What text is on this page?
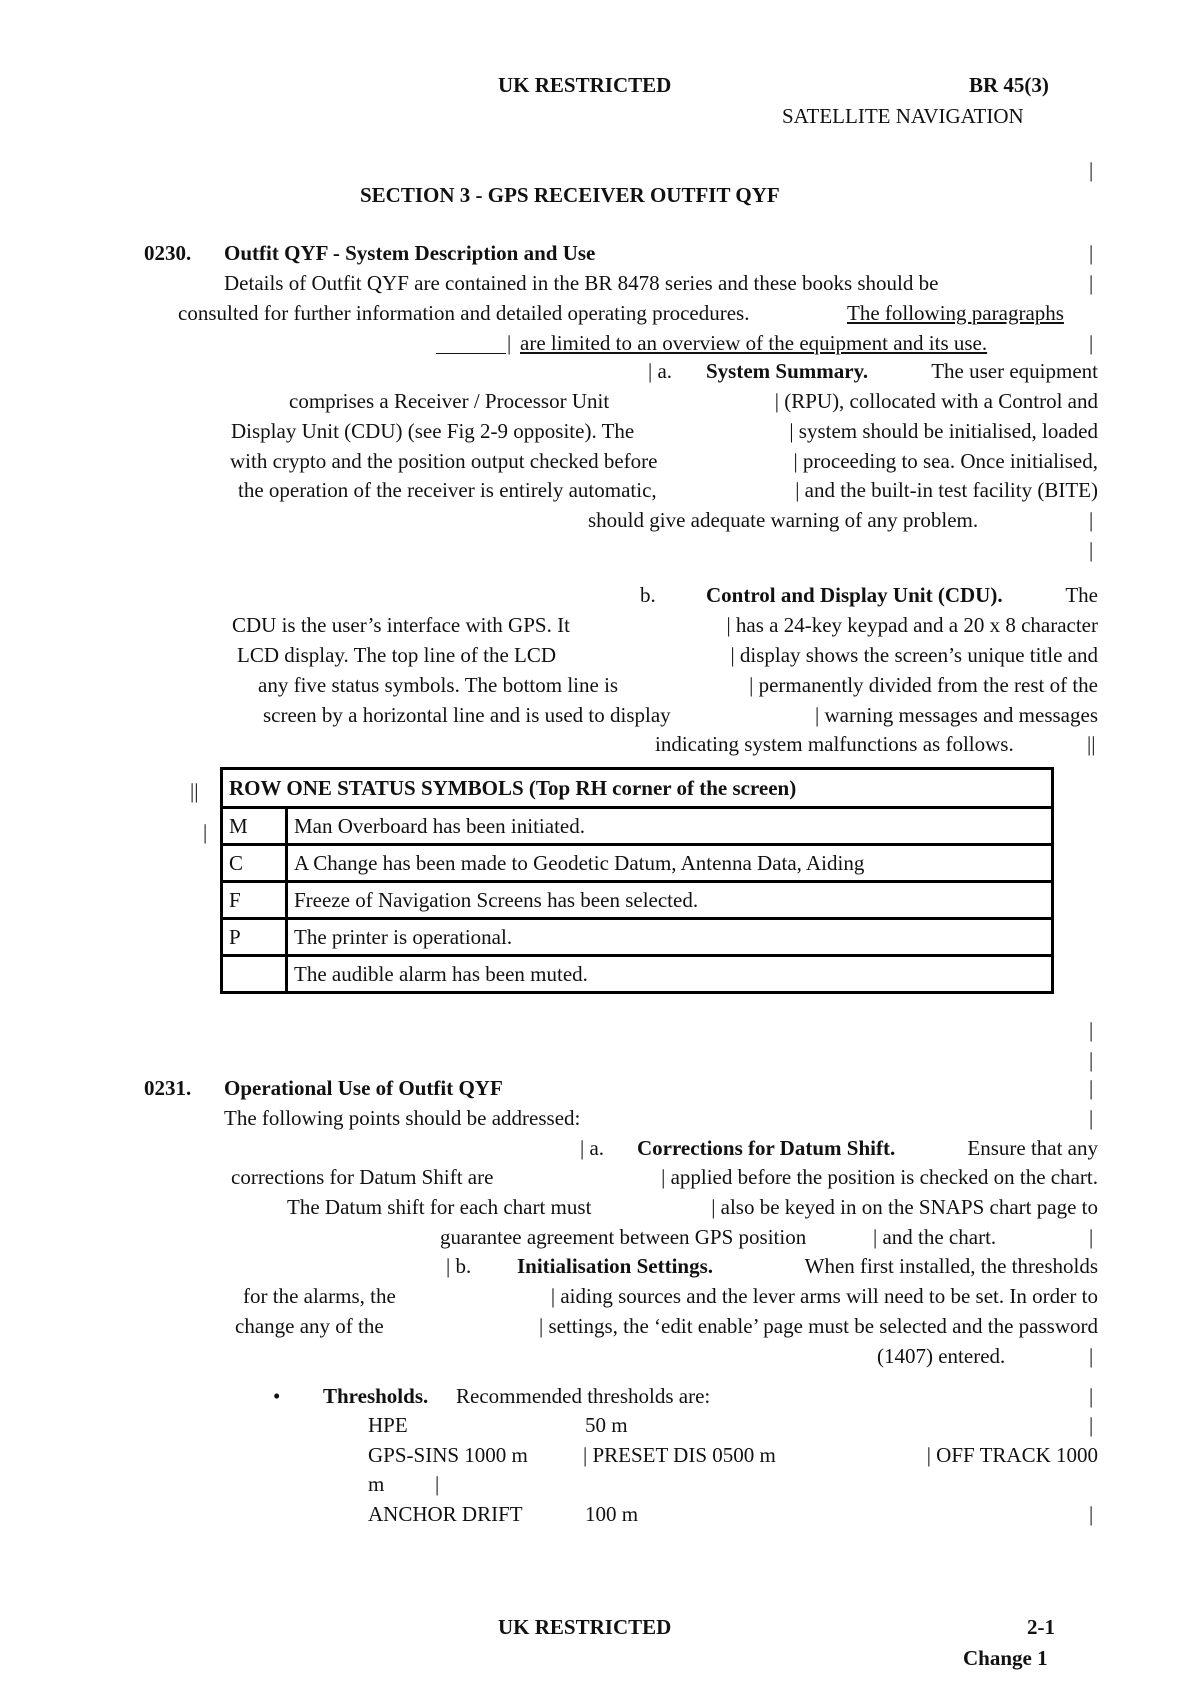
UK RESTRICTED	BR 45(3)
SATELLITE NAVIGATION
|
SECTION 3 - GPS RECEIVER OUTFIT QYF
0230. Outfit QYF - System Description and Use	|
Details of Outfit QYF are contained in the BR 8478 series and these books should be	|
consulted for further information and detailed operating procedures.	The following paragraphs
| are limited to an overview of the equipment and its use.	|
| a. System Summary.	The user equipment
comprises a Receiver / Processor Unit	| (RPU), collocated with a Control and
Display Unit (CDU) (see Fig 2-9 opposite). The	| system should be initialised, loaded
with crypto and the position output checked before	| proceeding to sea. Once initialised,
the operation of the receiver is entirely automatic,	| and the built-in test facility (BITE)
should give adequate warning of any problem.	|
|
b. Control and Display Unit (CDU).	The
CDU is the user’s interface with GPS. It	| has a 24-key keypad and a 20 x 8 character
LCD display. The top line of the LCD	| display shows the screen’s unique title and
any five status symbols. The bottom line is	| permanently divided from the rest of the
screen by a horizontal line and is used to display	| warning messages and messages
indicating system malfunctions as follows.	||
||
|
ROW ONE STATUS SYMBOLS (Top RH corner of the screen)	
M	Man Overboard has been initiated.
C	A Change has been made to Geodetic Datum, Antenna Data, Aiding
F	Freeze of Navigation Screens has been selected.
P	The printer is operational.
	The audible alarm has been muted.
|
|
0231. Operational Use of Outfit QYF	|
The following points should be addressed:	|
| a. Corrections for Datum Shift.	Ensure that any
corrections for Datum Shift are	| applied before the position is checked on the chart.
The Datum shift for each chart must	| also be keyed in on the SNAPS chart page to
guarantee agreement between GPS position	| and the chart.	|
| b. Initialisation Settings.	When first installed, the thresholds
for the alarms, the	| aiding sources and the lever arms will need to be set. In order to
change any of the	| settings, the ‘edit enable’ page must be selected and the password
(1407) entered.	|
• Thresholds. Recommended thresholds are:	|
HPE	50 m	|
GPS-SINS 1000 m	| PRESET DIS 0500 m	| OFF TRACK 1000
m |
ANCHOR DRIFT	100 m	|
UK RESTRICTED	2-1
Change 1
